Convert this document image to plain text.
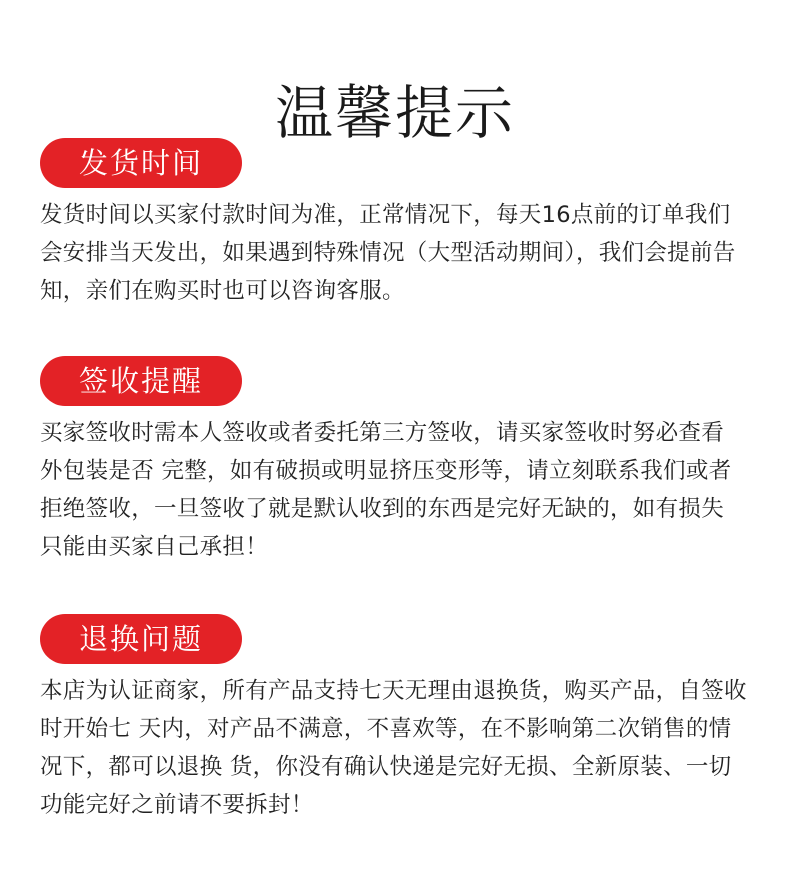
温馨提示
发货时间
发货时间以买家付款时间为准，正常情况下，每天16点前的订单我们
会安排当天发出，如果遇到特殊情况（大型活动期间），我们会提前告
知，亲们在购买时也可以咨询客服。
签收提醒
买家签收时需本人签收或者委托第三方签收，请买家签收时努必查看
外包装是否 完整，如有破损或明显挤压变形等，请立刻联系我们或者
拒绝签收，一旦签收了就是默认收到的东西是完好无缺的，如有损失
只能由买家自己承担！
退换问题
本店为认证商家，所有产品支持七天无理由退换货，购买产品，自签收
时开始七 天内，对产品不满意，不喜欢等，在不影响第二次销售的情
况下，都可以退换 货，你没有确认快递是完好无损、全新原装、一切
功能完好之前请不要拆封！
